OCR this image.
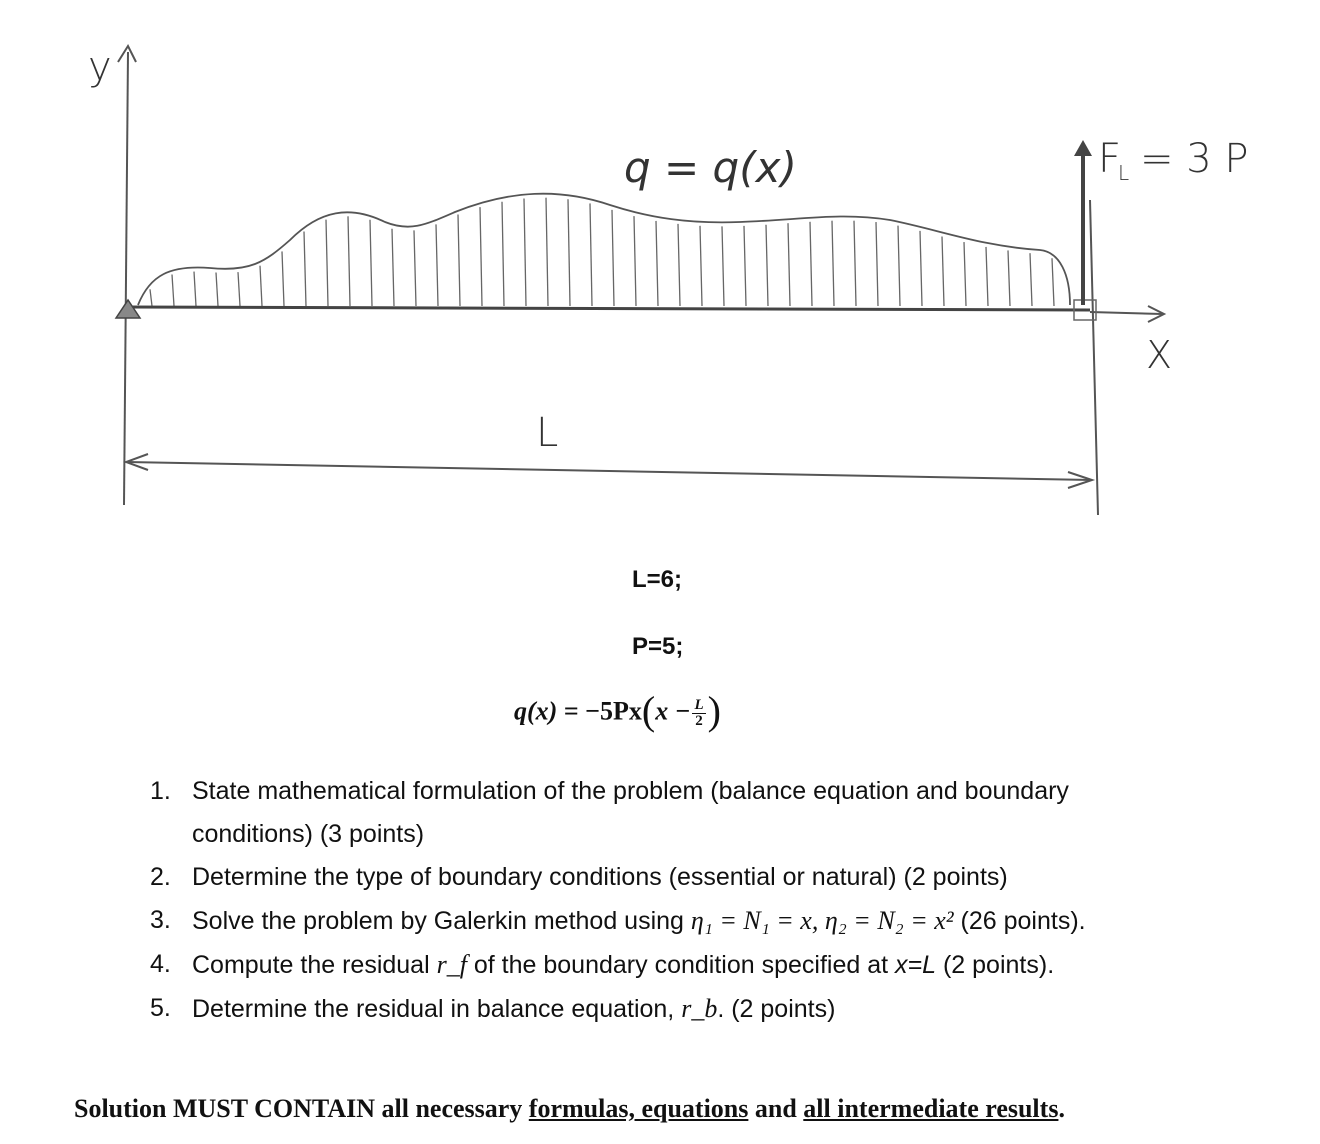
y
X
F
L = 3 P
q = q(x)
L
L=6;
P=5;
$q(x) = -5Px(x - \frac{L}{2}$ )
1. State mathematical formulation of the problem (balance equation and boundary conditions) (3 points)
2. Determine the type of boundary conditions (essential or natural) (2 points)
3. Solve the problem by Galerkin method using η₁ = N₁ = x, η₂ = N₂ = x² (26 points).
4. Compute the residual r_f of the boundary condition specified at x=L (2 points).
5. Determine the residual in balance equation, r_b. (2 points)
Solution MUST CONTAIN all necessary formulas, equations and all intermediate results.
